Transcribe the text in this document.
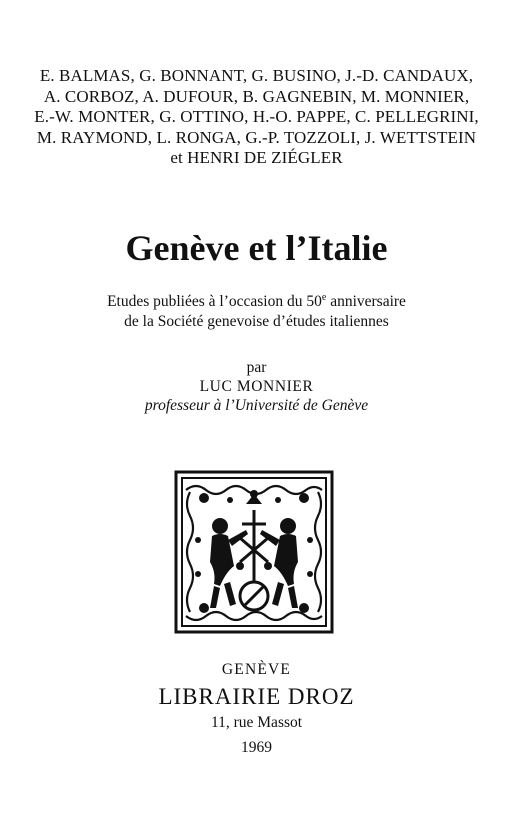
E. BALMAS, G. BONNANT, G. BUSINO, J.-D. CANDAUX,
A. CORBOZ, A. DUFOUR, B. GAGNEBIN, M. MONNIER,
E.-W. MONTER, G. OTTINO, H.-O. PAPPE, C. PELLEGRINI,
M. RAYMOND, L. RONGA, G.-P. TOZZOLI, J. WETTSTEIN
et HENRI DE ZIÉGLER
Genève et l’Italie
Etudes publiées à l’occasion du 50e anniversaire
de la Société genevoise d’études italiennes
par
LUC MONNIER
professeur à l’Université de Genève
GENÈVE
LIBRAIRIE DROZ
11, rue Massot
1969
